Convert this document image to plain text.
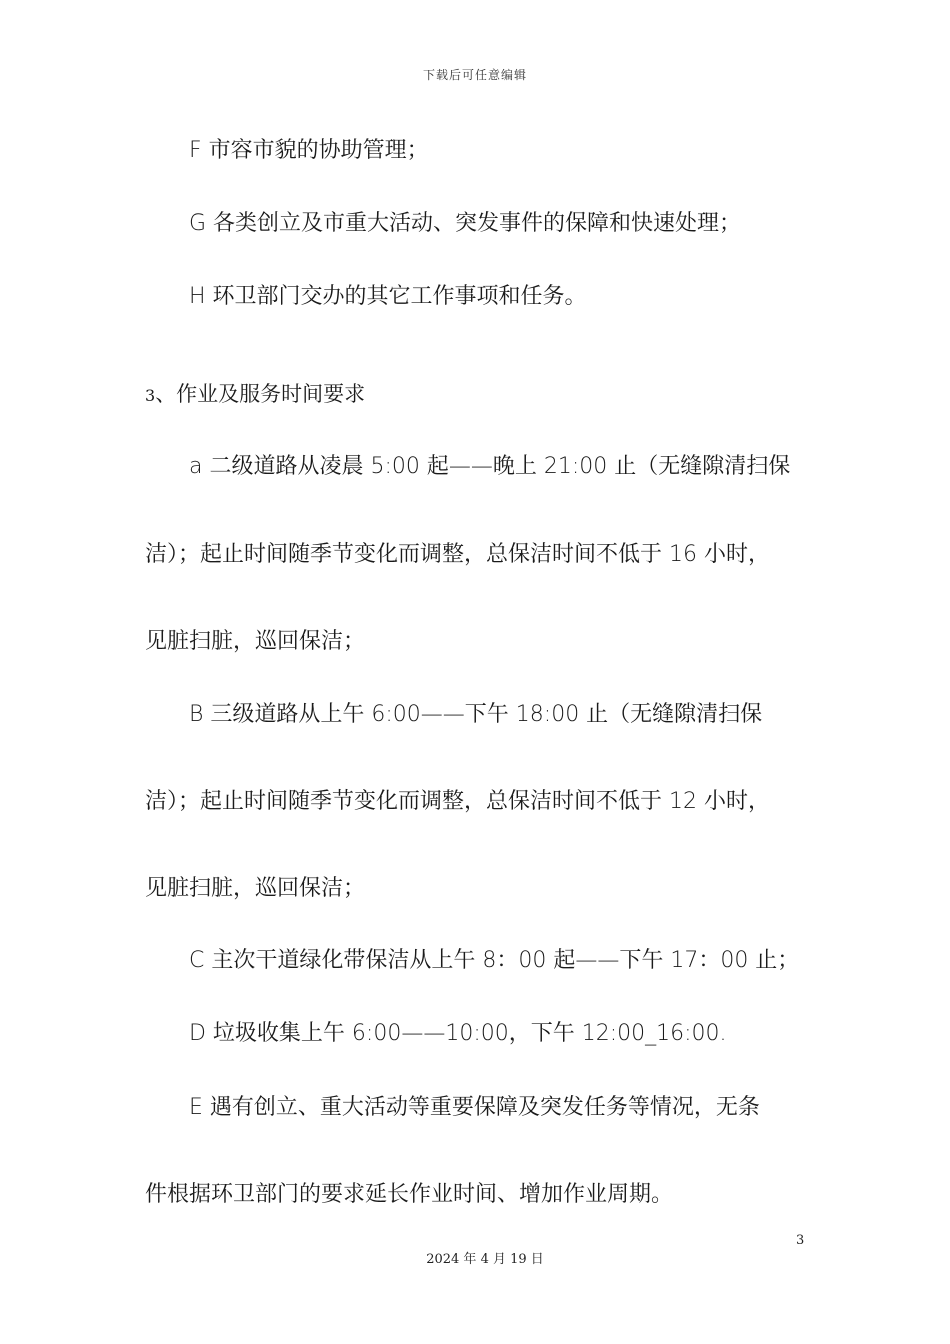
下载后可任意编辑
F 市容市貌的协助管理；
G 各类创立及市重大活动、突发事件的保障和快速处理；
H 环卫部门交办的其它工作事项和任务。
3、作业及服务时间要求
a 二级道路从凌晨 5:00 起——晚上 21:00 止（无缝隙清扫保
洁）；起止时间随季节变化而调整，总保洁时间不低于 16 小时，
见脏扫脏，巡回保洁；
B 三级道路从上午 6:00——下午 18:00 止（无缝隙清扫保
洁）；起止时间随季节变化而调整，总保洁时间不低于 12 小时，
见脏扫脏，巡回保洁；
C 主次干道绿化带保洁从上午 8：00 起——下午 17：00 止；
D 垃圾收集上午 6:00——10:00，下午 12:00_16:00.
E 遇有创立、重大活动等重要保障及突发任务等情况，无条
件根据环卫部门的要求延长作业时间、增加作业周期。
3
2024 年 4 月 19 日
